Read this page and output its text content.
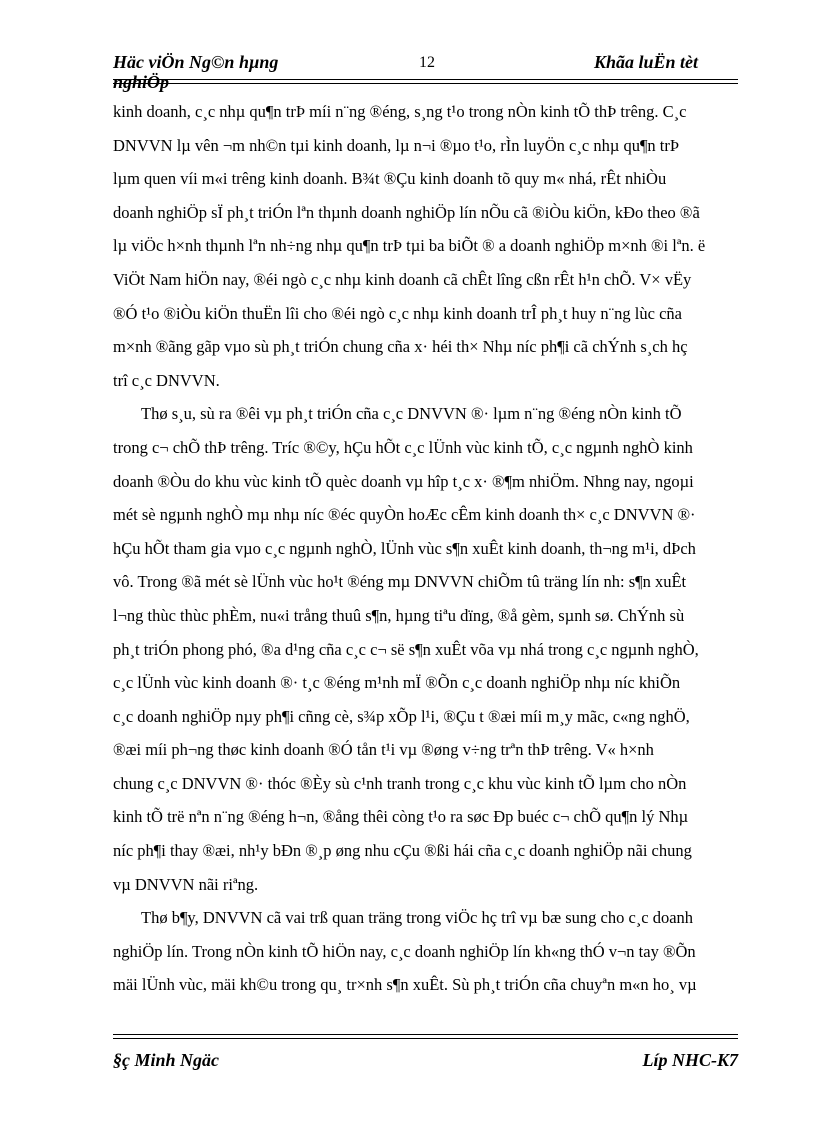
Häc viÖn Ng©n hµng
nghiÖp
12	Khãa luËn tèt
kinh doanh, c¸c nhµ qu¶n trÞ míi n¨ng ®éng, s¸ng t¹o trong nÒn kinh tÕ thÞ trêng. C¸c
DNVVN lµ vên ¬m nh©n tµi kinh doanh, lµ n¬i ®µo t¹o, rÌn luyÖn c¸c nhµ qu¶n trÞ
lµm quen víi m«i trêng kinh doanh. B¾t ®Çu kinh doanh tõ quy m« nhá, rÊt nhiÒu
doanh nghiÖp sÏ ph¸t triÓn lªn thµnh doanh nghiÖp lín nÕu cã ®iÒu kiÖn, kÐo theo ®ã
lµ viÖc h×nh thµnh lªn nh÷ng nhµ qu¶n trÞ tµi ba biÕt ® a doanh nghiÖp m×nh ®i lªn. ë
ViÖt Nam hiÖn nay, ®éi ngò c¸c nhµ kinh doanh cã chÊt lîng cßn rÊt h¹n chÕ. V× vËy
®Ó t¹o ®iÒu kiÖn thuËn lîi cho ®éi ngò c¸c nhµ kinh doanh trÎ ph¸t huy n¨ng lùc cña
m×nh ®ãng gãp vµo sù ph¸t triÓn chung cña x· héi th× Nhµ níc ph¶i cã chÝnh s¸ch hç
trî c¸c DNVVN.
Thø s¸u, sù ra ®êi vµ ph¸t triÓn cña c¸c DNVVN ®· lµm n¨ng ®éng nÒn kinh tÕ
trong c¬ chÕ thÞ trêng. Tríc ®©y, hÇu hÕt c¸c lÜnh vùc kinh tÕ, c¸c ngµnh nghÒ kinh
doanh ®Òu do khu vùc kinh tÕ quèc doanh vµ hîp t¸c x· ®¶m nhiÖm. Nhng nay, ngoµi
mét sè ngµnh nghÒ mµ nhµ níc ®éc quyÒn hoÆc cÊm kinh doanh th× c¸c DNVVN ®·
hÇu hÕt tham gia vµo c¸c ngµnh nghÒ, lÜnh vùc s¶n xuÊt kinh doanh, th¬ng m¹i, dÞch
vô. Trong ®ã mét sè lÜnh vùc ho¹t ®éng mµ DNVVN chiÕm tû träng lín nh: s¶n xuÊt
l¬ng thùc thùc phÈm, nu«i trång thuû s¶n, hµng tiªu dïng, ®å gèm, sµnh sø. ChÝnh sù
ph¸t triÓn phong phó, ®a d¹ng cña c¸c c¬ së s¶n xuÊt võa vµ nhá trong c¸c ngµnh nghÒ,
c¸c lÜnh vùc kinh doanh ®· t¸c ®éng m¹nh mÏ ®Õn c¸c doanh nghiÖp nhµ níc khiÕn
c¸c doanh nghiÖp nµy ph¶i cñng cè, s¾p xÕp l¹i, ®Çu t ®æi míi m¸y mãc, c«ng nghÖ,
®æi míi ph¬ng thøc kinh doanh ®Ó tån t¹i vµ ®øng v÷ng trªn thÞ trêng. V« h×nh
chung c¸c DNVVN ®· thóc ®Èy sù c¹nh tranh trong c¸c khu vùc kinh tÕ lµm cho nÒn
kinh tÕ trë nªn n¨ng ®éng h¬n, ®ång thêi còng t¹o ra søc Ðp buéc c¬ chÕ qu¶n lý Nhµ
níc ph¶i thay ®æi, nh¹y bÐn ®¸p øng nhu cÇu ®ßi hái cña c¸c doanh nghiÖp nãi chung
vµ DNVVN nãi riªng.
Thø b¶y, DNVVN cã vai trß quan träng trong viÖc hç trî vµ bæ sung cho c¸c doanh
nghiÖp lín. Trong nÒn kinh tÕ hiÖn nay, c¸c doanh nghiÖp lín kh«ng thÓ v¬n tay ®Õn
mäi lÜnh vùc, mäi kh©u trong qu¸ tr×nh s¶n xuÊt. Sù ph¸t triÓn cña chuyªn m«n ho¸ vµ
§ç Minh Ngäc	Líp NHC-K7
